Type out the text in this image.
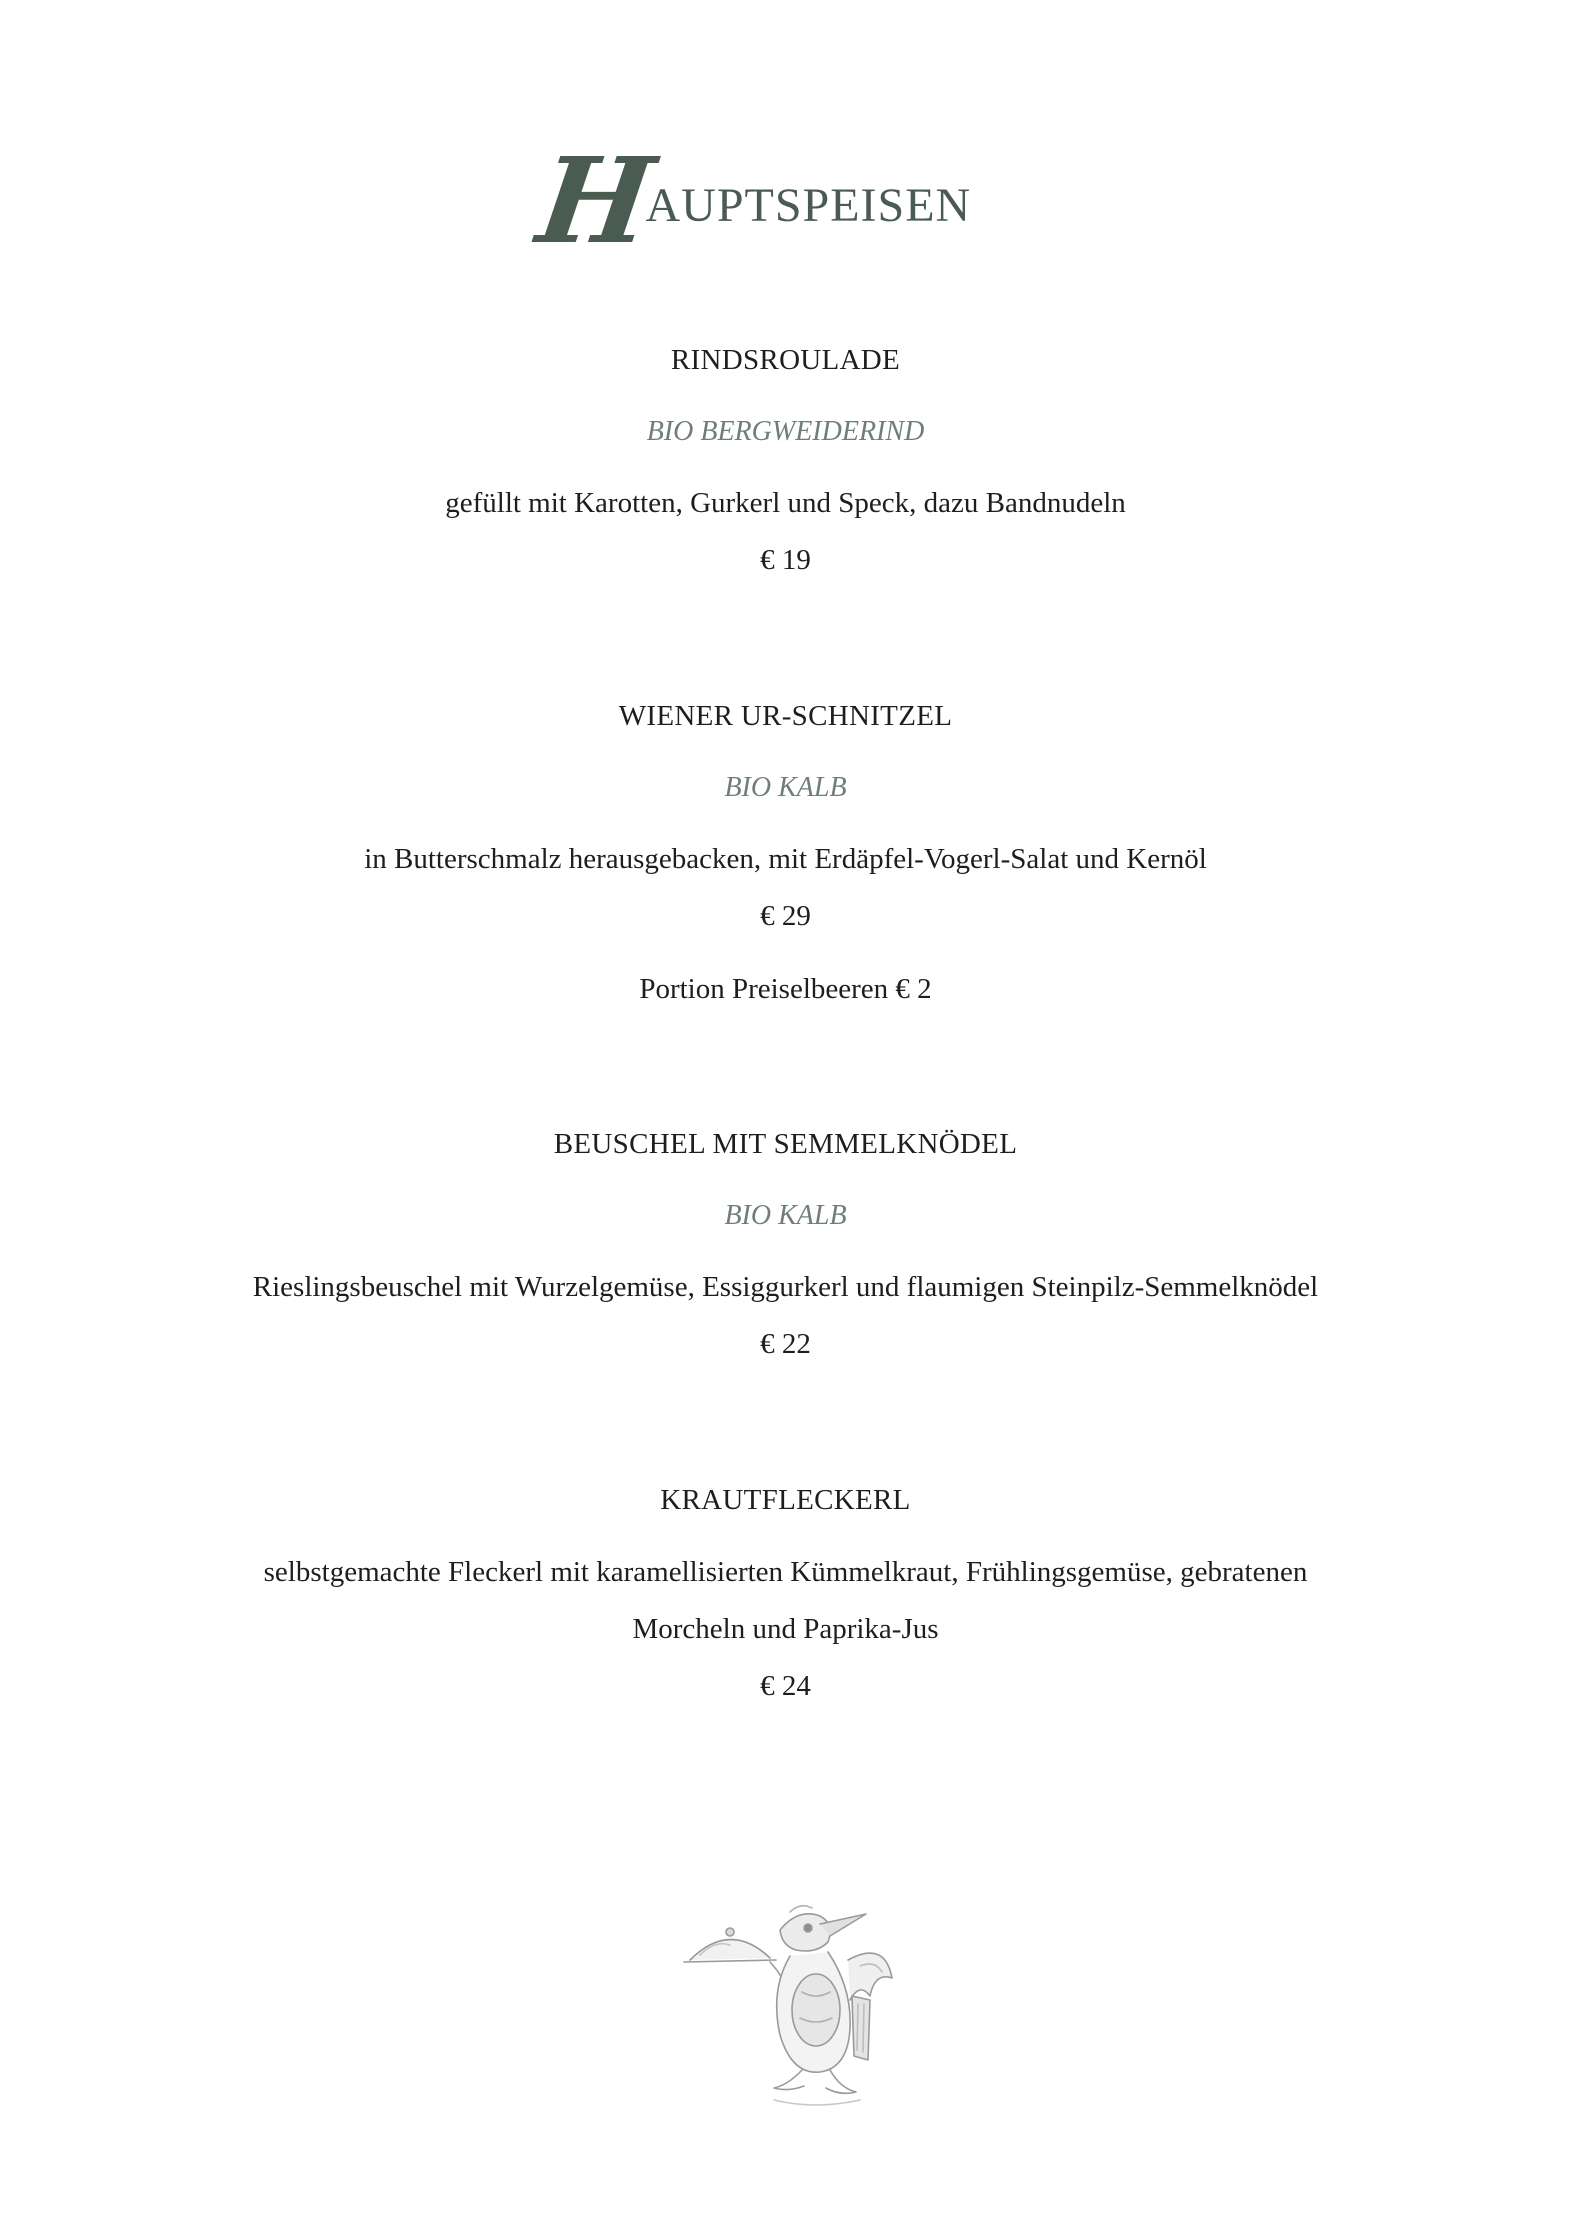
H
AUPTSPEISEN
RINDSROULADE
BIO BERGWEIDERIND
gefüllt mit Karotten, Gurkerl und Speck, dazu Bandnudeln
€ 19
WIENER UR-SCHNITZEL
BIO KALB
in Butterschmalz herausgebacken, mit Erdäpfel-Vogerl-Salat und Kernöl
€ 29
Portion Preiselbeeren € 2
BEUSCHEL MIT SEMMELKNÖDEL
BIO KALB
Rieslingsbeuschel mit Wurzelgemüse, Essiggurkerl und flaumigen Steinpilz-Semmelknödel
€ 22
KRAUTFLECKERL
selbstgemachte Fleckerl mit karamellisierten Kümmelkraut, Frühlingsgemüse, gebratenen
Morcheln und Paprika-Jus
€ 24
